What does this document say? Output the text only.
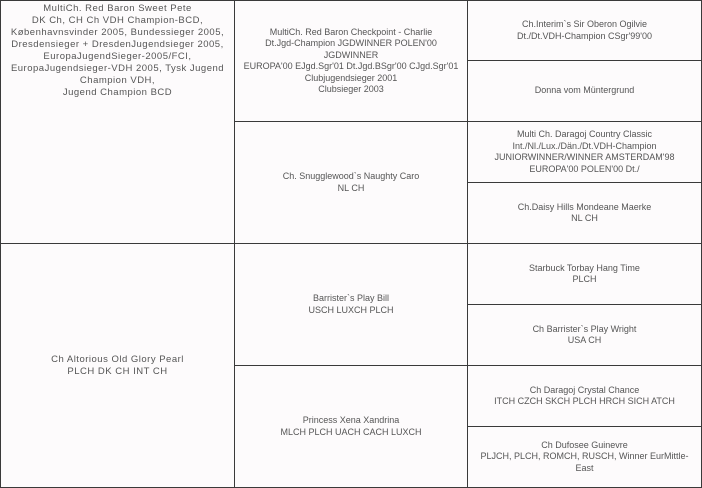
MultiCh. Red Baron Sweet Pete
DK Ch, CH Ch VDH Champion-BCD,
Københavnsvinder 2005, Bundessieger 2005,
Dresdensieger + DresdenJugendsieger 2005, EuropaJugendSieger-2005/FCI, EuropaJugendsieger-VDH 2005, Tysk Jugend Champion VDH,
Jugend Champion BCD
Ch Altorious Old Glory Pearl
PLCH DK CH INT CH
MultiCh. Red Baron Checkpoint - Charlie
Dt.Jgd-Champion JGDWINNER POLEN'00
JGDWINNER
EUROPA'00 EJgd.Sgr'01 Dt.Jgd.BSgr'00 CJgd.Sgr'01
Clubjugendsieger 2001
Clubsieger 2003
Ch. Snugglewood`s Naughty Caro
NL CH
Barrister`s Play Bill
USCH LUXCH PLCH
Princess Xena Xandrina
MLCH PLCH UACH CACH LUXCH
Ch.Interim`s Sir Oberon Ogilvie
Dt./Dt.VDH-Champion CSgr'99'00
Donna vom Müntergrund
Multi Ch. Daragoj Country Classic
Int./Nl./Lux./Dän./Dt.VDH-Champion
JUNIORWINNER/WINNER AMSTERDAM'98
EUROPA'00 POLEN'00 Dt./
Ch.Daisy Hills Mondeane Maerke
NL CH
Starbuck Torbay Hang Time
PLCH
Ch Barrister`s Play Wright
USA CH
Ch Daragoj Crystal Chance
ITCH CZCH SKCH PLCH HRCH SICH ATCH
Ch Dufosee Guinevre
PLJCH, PLCH, ROMCH, RUSCH, Winner EurMittle-East
